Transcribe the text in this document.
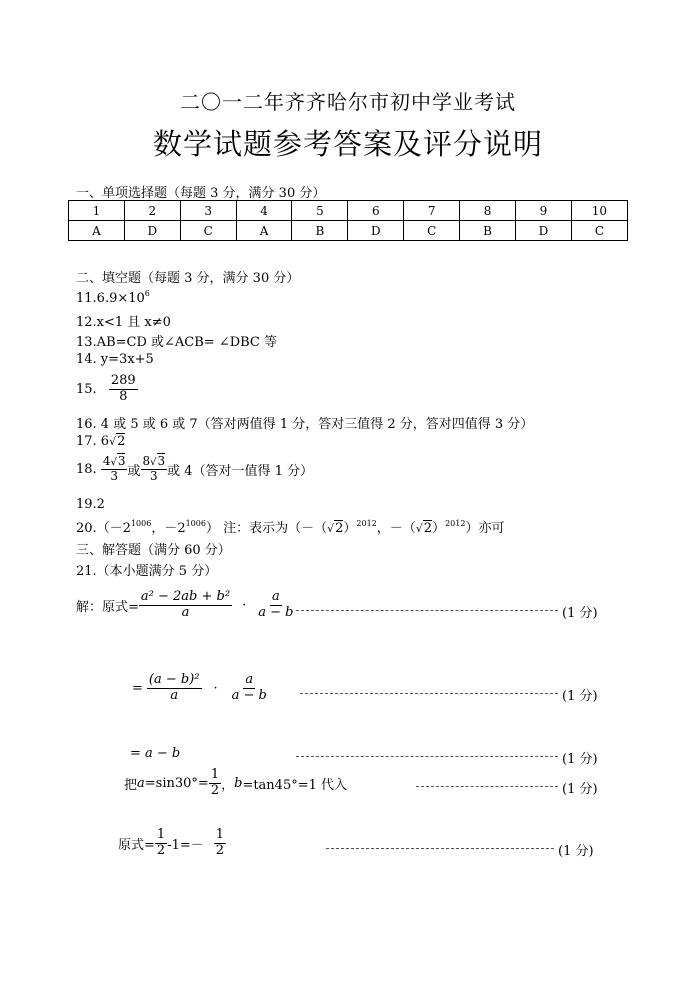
二〇一二年齐齐哈尔市初中学业考试
数学试题参考答案及评分说明
一、单项选择题（每题 3 分，满分 30 分）
1	2	3	4	5	6	7	8	9	10
A	D	C	A	B	D	C	B	D	C
二、填空题（每题 3 分，满分 30 分）
$11.6.9\times 10^6$
12.x<1 且 x≠0
13.AB=CD 或∠ACB= ∠DBC 等
14. y=3x+5
15. $\frac{289}{8}$
16. 4 或 5 或 6 或 7（答对两值得 1 分，答对三值得 2 分，答对四值得 3 分）
17. 6√2
18. $\frac{4√3}{3}$ 或 $\frac{8√3}{3}$ 或 4（答对一值得 1 分）
19.2
$20.(-2^{1006}$，$-2^{1006}$） 注：表示为（$-(√2)^{2012}$，$-(√2)^{2012}$）亦可
三、解答题（满分 60 分）
21.（本小题满分 5 分）
解：原式= $\frac{\text{a² − 2ab + b²}}{a} \cdot \frac{a}{a - b}$	(1 分)
= $\frac{\text{(a − b)²}}{a} \cdot \frac{a}{a - b}$	(1 分)
= a − b	(1 分)
把 $a =\sin 30^\circ= \frac{1}{2}$ ， b =tan45°=1 代入	(1 分)
原式= $\frac{1}{2} -1=- \frac{1}{2}$	(1 分)
